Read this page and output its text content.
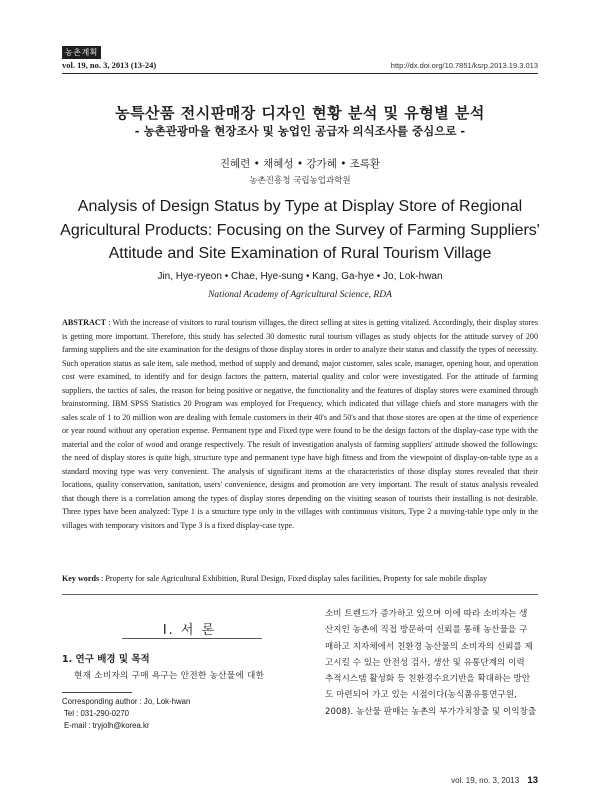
농촌계획
vol. 19, no. 3, 2013 (13-24)	http://dx.doi.org/10.7851/ksrp.2013.19.3.013
농특산품 전시판매장 디자인 현황 분석 및 유형별 분석
- 농촌관광마을 현장조사 및 농업인 공급자 의식조사를 중심으로 -
진혜련 • 채혜성 • 강가혜 • 조록환
농촌진흥청 국립농업과학원
Analysis of Design Status by Type at Display Store of Regional
Agricultural Products: Focusing on the Survey of Farming Suppliers'
Attitude and Site Examination of Rural Tourism Village
Jin, Hye-ryeon • Chae, Hye-sung • Kang, Ga-hye • Jo, Lok-hwan
National Academy of Agricultural Science, RDA
ABSTRACT : With the increase of visitors to rural tourism villages, the direct selling at sites is getting vitalized. Accordingly, their display stores is getting more important. Therefore, this study has selected 30 domestic rural tourism villages as study objects for the attitude survey of 200 farming suppliers and the site examination for the designs of those display stores in order to analyze their status and classify the types of necessity. Such operation status as sale item, sale method, method of supply and demand, major customer, sales scale, manager, opening hour, and operation cost were examined, to identify and for design factors the pattern, material quality and color were investigated. For the attitude of farming suppliers, the tactics of sales, the reason for being positive or negative, the functionality and the features of display stores were examined through brainstorming. IBM SPSS Statistics 20 Program was employed for Frequency, which indicated that village chiefs and store managers with the sales scale of 1 to 20 million won are dealing with female customers in their 40's and 50's and that those stores are open at the time of experience or year round without any operation expense. Permanent type and Fixed type were found to be the design factors of the display-case type with the material and the color of wood and orange respectively. The result of investigation analysis of farming suppliers' attitude showed the followings: the need of display stores is quite high, structure type and permanent type have high fitness and from the viewpoint of display-on-table type as a standard moving type was very convenient. The analysis of significant items at the characteristics of those display stores revealed that their locations, quality conservation, sanitation, users' convenience, designs and promotion are very important. The result of status analysis revealed that though there is a correlation among the types of display stores depending on the visiting season of tourists their installing is not desirable. Three types have been analyzed: Type 1 is a structure type only in the villages with continuous visitors, Type 2 a moving-table type only in the villages with temporary visitors and Type 3 is a fixed display-case type.
Key words : Property for sale Agricultural Exhibition, Rural Design, Fixed display sales facilities, Property for sale mobile display
I. 서 론
1. 연구 배경 및 목적
현재 소비자의 구매 욕구는 안전한 농산물에 대한
Corresponding author : Jo, Lok-hwan
Tel : 031-290-0270
E-mail : tryjolh@korea.kr
소비 트렌드가 증가하고 있으며 이에 따라 소비자는 생
산지인 농촌에 직접 방문하여 신뢰를 통해 농산물을 구
매하고 지자체에서 친환경 농산물의 소비자의 신뢰를 제
고시킬 수 있는 안전성 검사, 생산 및 유통단계의 이력
추적시스템 활성화 등 친환경수요기반을 확대하는 방안
도 마련되어 가고 있는 시점이다(농식품유통연구원,
2008). 농산물 판매는 농촌의 부가가치창출 및 이익창출
vol. 19, no. 3, 2013 13
